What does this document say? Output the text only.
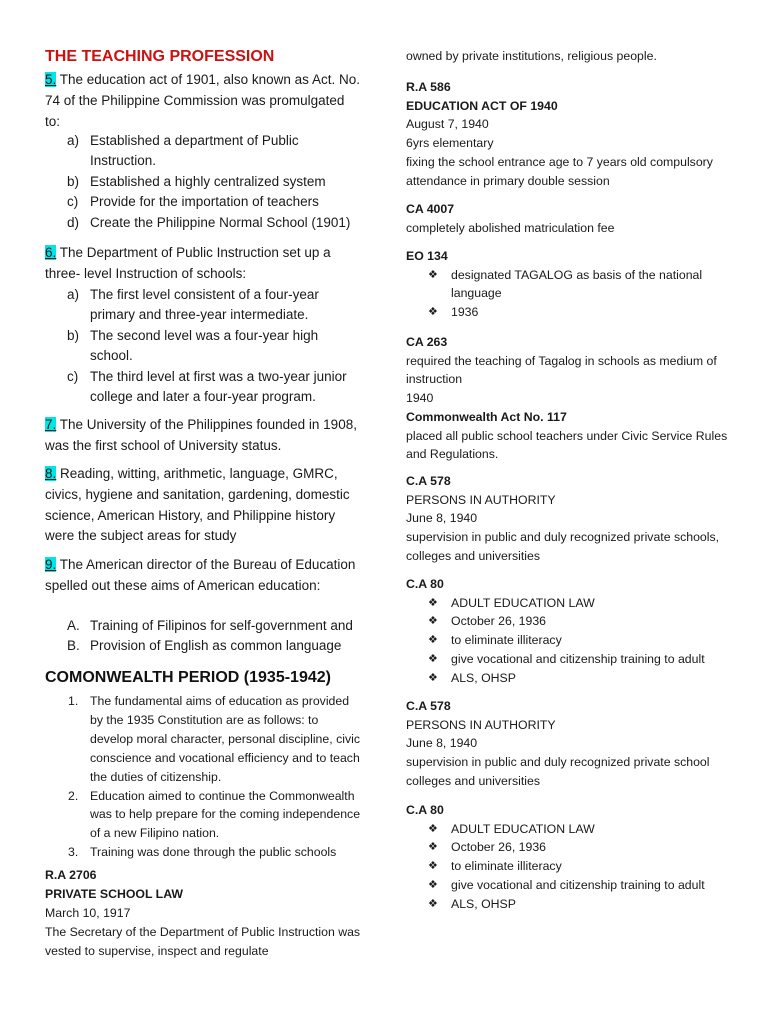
THE TEACHING PROFESSION
5. The education act of 1901, also known as Act. No. 74 of the Philippine Commission was promulgated to:
a) Established a department of Public Instruction.
b) Established a highly centralized system
c) Provide for the importation of teachers
d) Create the Philippine Normal School (1901)
6. The Department of Public Instruction set up a three- level Instruction of schools:
a) The first level consistent of a four-year primary and three-year intermediate.
b) The second level was a four-year high school.
c) The third level at first was a two-year junior college and later a four-year program.
7. The University of the Philippines founded in 1908, was the first school of University status.
8. Reading, witting, arithmetic, language, GMRC, civics, hygiene and sanitation, gardening, domestic science, American History, and Philippine history were the subject areas for study
9. The American director of the Bureau of Education spelled out these aims of American education:
A. Training of Filipinos for self-government and
B. Provision of English as common language
COMONWEALTH PERIOD (1935-1942)
1. The fundamental aims of education as provided by the 1935 Constitution are as follows: to develop moral character, personal discipline, civic conscience and vocational efficiency and to teach the duties of citizenship.
2. Education aimed to continue the Commonwealth was to help prepare for the coming independence of a new Filipino nation.
3. Training was done through the public schools
R.A 2706
PRIVATE SCHOOL LAW
March 10, 1917
The Secretary of the Department of Public Instruction was vested to supervise, inspect and regulate
owned by private institutions, religious people.
R.A 586
EDUCATION ACT OF 1940
August 7, 1940
6yrs elementary
fixing the school entrance age to 7 years old compulsory attendance in primary double session
CA 4007
completely abolished matriculation fee
EO 134
❖ designated TAGALOG as basis of the national language
❖ 1936
CA 263
required the teaching of Tagalog in schools as medium of instruction
1940
Commonwealth Act No. 117
placed all public school teachers under Civic Service Rules and Regulations.
C.A 578
PERSONS IN AUTHORITY
June 8, 1940
supervision in public and duly recognized private schools, colleges and universities
C.A 80
❖ ADULT EDUCATION LAW
❖ October 26, 1936
❖ to eliminate illiteracy
❖ give vocational and citizenship training to adult
❖ ALS, OHSP
C.A 578
PERSONS IN AUTHORITY
June 8, 1940
supervision in public and duly recognized private school colleges and universities
C.A 80
❖ ADULT EDUCATION LAW
❖ October 26, 1936
❖ to eliminate illiteracy
❖ give vocational and citizenship training to adult
❖ ALS, OHSP
